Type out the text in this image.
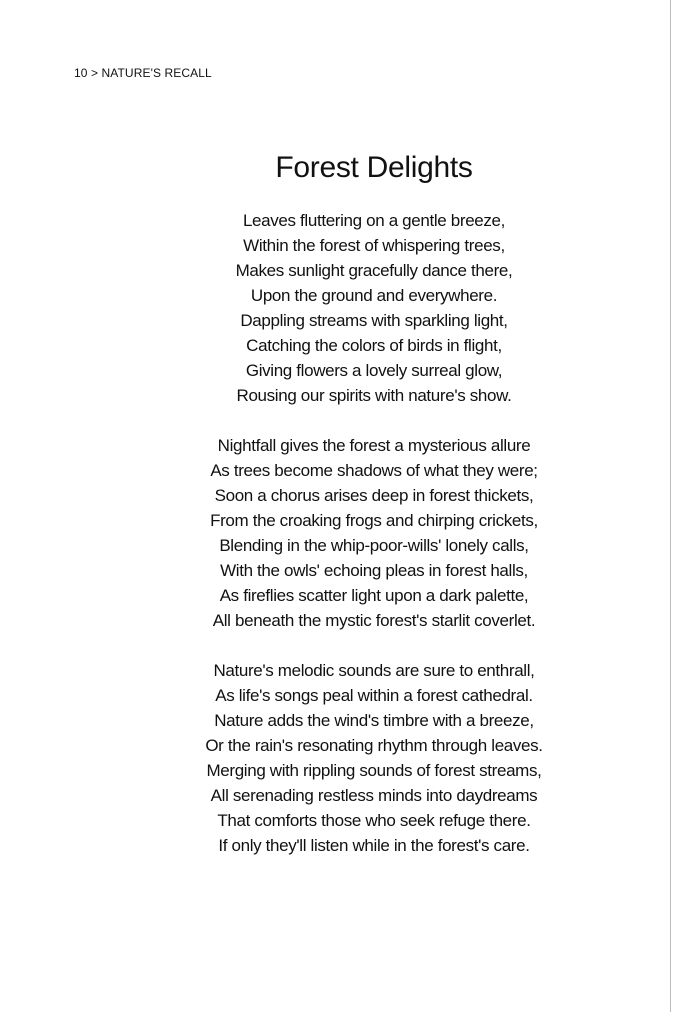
10 > NATURE'S RECALL
Forest Delights
Leaves fluttering on a gentle breeze,
Within the forest of whispering trees,
Makes sunlight gracefully dance there,
Upon the ground and everywhere.
Dappling streams with sparkling light,
Catching the colors of birds in flight,
Giving flowers a lovely surreal glow,
Rousing our spirits with nature's show.
Nightfall gives the forest a mysterious allure
As trees become shadows of what they were;
Soon a chorus arises deep in forest thickets,
From the croaking frogs and chirping crickets,
Blending in the whip-poor-wills' lonely calls,
With the owls' echoing pleas in forest halls,
As fireflies scatter light upon a dark palette,
All beneath the mystic forest's starlit coverlet.
Nature's melodic sounds are sure to enthrall,
As life's songs peal within a forest cathedral.
Nature adds the wind's timbre with a breeze,
Or the rain's resonating rhythm through leaves.
Merging with rippling sounds of forest streams,
All serenading restless minds into daydreams
That comforts those who seek refuge there.
If only they'll listen while in the forest's care.
